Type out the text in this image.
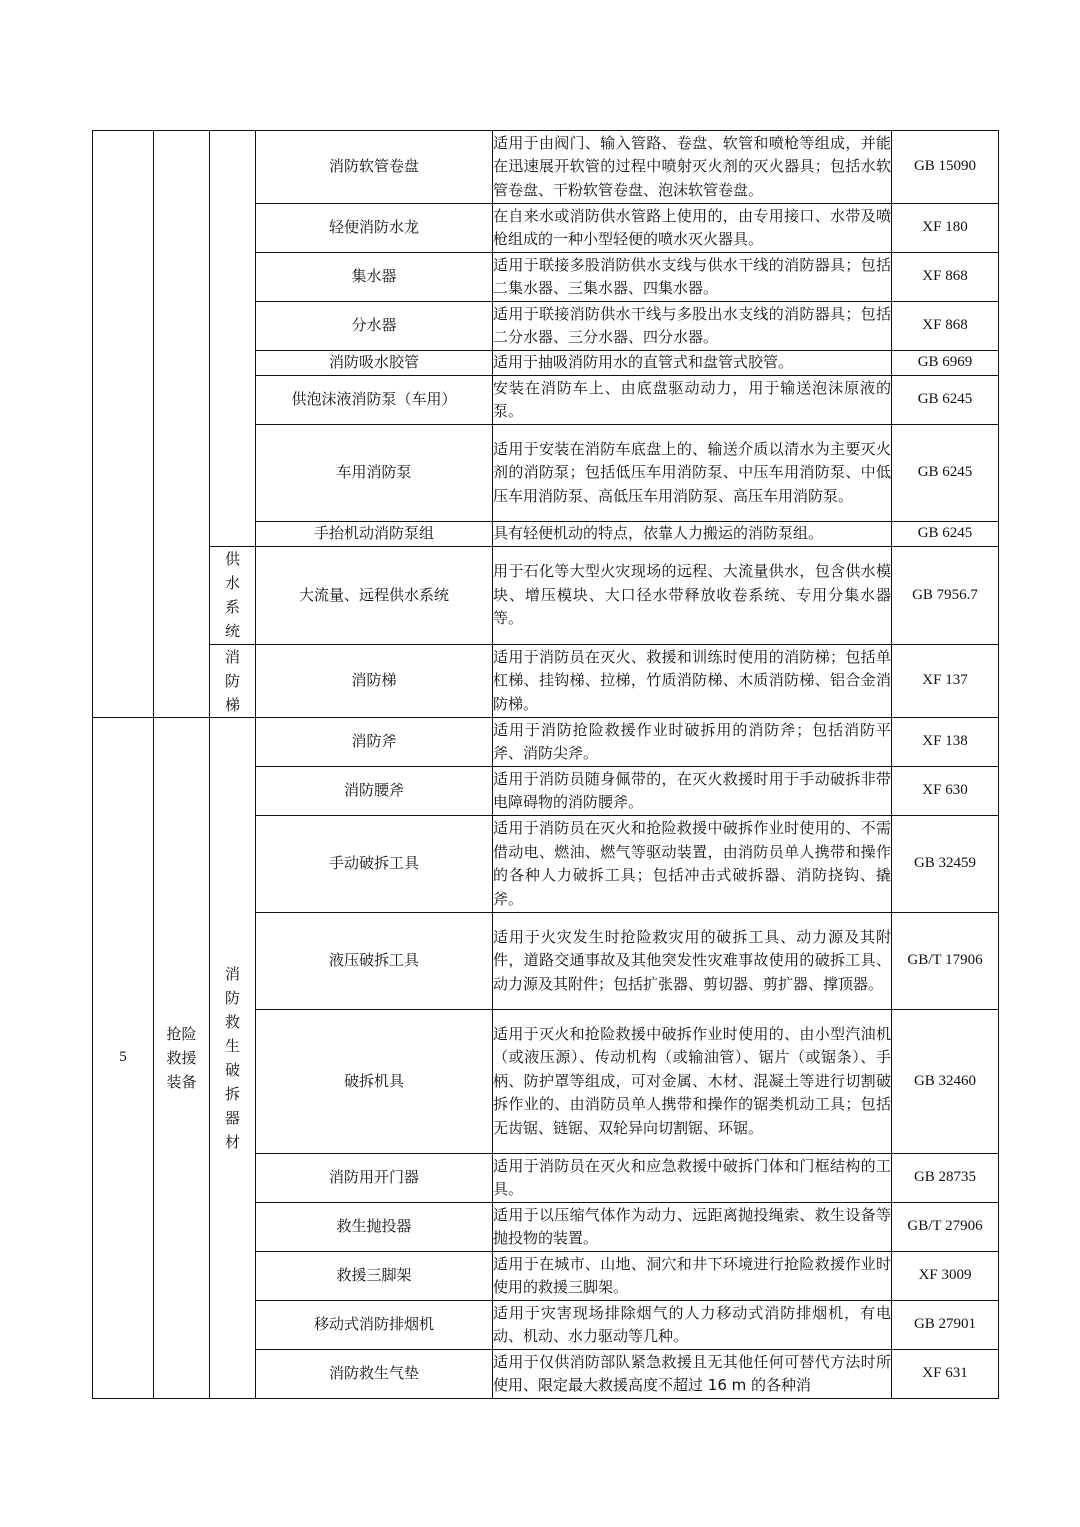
			消防软管卷盘	适用于由阀门、输入管路、卷盘、软管和喷枪等组成，并能在迅速展开软管的过程中喷射灭火剂的灭火器具；包括水软管卷盘、干粉软管卷盘、泡沫软管卷盘。	GB 15090
			轻便消防水龙	在自来水或消防供水管路上使用的，由专用接口、水带及喷枪组成的一种小型轻便的喷水灭火器具。	XF 180
			集水器	适用于联接多股消防供水支线与供水干线的消防器具；包括二集水器、三集水器、四集水器。	XF 868
			分水器	适用于联接消防供水干线与多股出水支线的消防器具；包括二分水器、三分水器、四分水器。	XF 868
			消防吸水胶管	适用于抽吸消防用水的直管式和盘管式胶管。	GB 6969
			供泡沫液消防泵（车用）	安装在消防车上、由底盘驱动动力，用于输送泡沫原液的泵。	GB 6245
			车用消防泵	适用于安装在消防车底盘上的、输送介质以清水为主要灭火剂的消防泵；包括低压车用消防泵、中压车用消防泵、中低压车用消防泵、高低压车用消防泵、高压车用消防泵。	GB 6245
			手抬机动消防泵组	具有轻便机动的特点，依靠人力搬运的消防泵组。	GB 6245
		供水系统	大流量、远程供水系统	用于石化等大型火灾现场的远程、大流量供水，包含供水模块、增压模块、大口径水带释放收卷系统、专用分集水器等。	GB 7956.7
		消防梯	消防梯	适用于消防员在灭火、救援和训练时使用的消防梯；包括单杠梯、挂钩梯、拉梯，竹质消防梯、木质消防梯、铝合金消防梯。	XF 137
5	抢险救援装备	消防救生破拆器材	消防斧	适用于消防抢险救援作业时破拆用的消防斧；包括消防平斧、消防尖斧。	XF 138
			消防腰斧	适用于消防员随身佩带的，在灭火救援时用于手动破拆非带电障碍物的消防腰斧。	XF 630
			手动破拆工具	适用于消防员在灭火和抢险救援中破拆作业时使用的、不需借动电、燃油、燃气等驱动装置，由消防员单人携带和操作的各种人力破拆工具；包括冲击式破拆器、消防挠钩、撬斧。	GB 32459
			液压破拆工具	适用于火灾发生时抢险救灾用的破拆工具、动力源及其附件，道路交通事故及其他突发性灾难事故使用的破拆工具、动力源及其附件；包括扩张器、剪切器、剪扩器、撑顶器。	GB/T 17906
			破拆机具	适用于灭火和抢险救援中破拆作业时使用的、由小型汽油机（或液压源）、传动机构（或输油管）、锯片（或锯条）、手柄、防护罩等组成，可对金属、木材、混凝土等进行切割破拆作业的、由消防员单人携带和操作的锯类机动工具；包括无齿锯、链锯、双轮异向切割锯、环锯。	GB 32460
			消防用开门器	适用于消防员在灭火和应急救援中破拆门体和门框结构的工具。	GB 28735
			救生抛投器	适用于以压缩气体作为动力、远距离抛投绳索、救生设备等抛投物的装置。	GB/T 27906
			救援三脚架	适用于在城市、山地、洞穴和井下环境进行抢险救援作业时使用的救援三脚架。	XF 3009
			移动式消防排烟机	适用于灾害现场排除烟气的人力移动式消防排烟机，有电动、机动、水力驱动等几种。	GB 27901
			消防救生气垫	适用于仅供消防部队紧急救援且无其他任何可替代方法时所使用、限定最大救援高度不超过 16 m 的各种消	XF 631
